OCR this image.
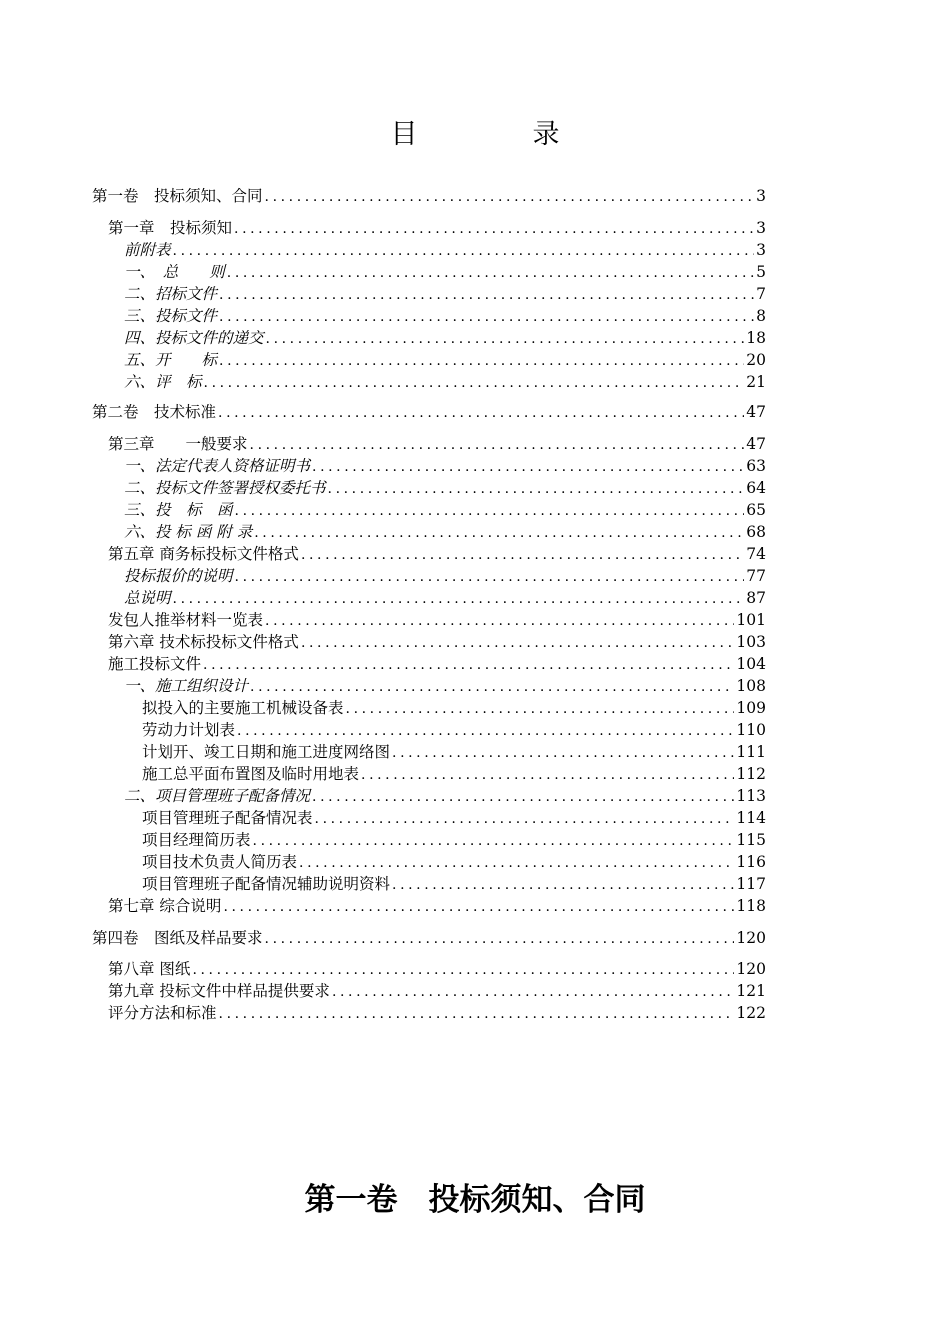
目　录
第一卷　投标须知、合同 .....	3
第一章　投标须知 .....	3
前附表 .....	3
一、　总　　则 .....	5
二、招标文件 .....	7
三、投标文件 .....	8
四、投标文件的递交 .....	18
五、开　　标 .....	20
六、评　标 .....	21
第二卷　技术标准 .....	47
第三章　　一般要求 .....	47
一、法定代表人资格证明书 .....	63
二、投标文件签署授权委托书 .....	64
三、投　标　函 .....	65
六、投 标 函 附 录 .....	68
第五章 商务标投标文件格式 .....	74
投标报价的说明 .....	77
总说明 .....	87
发包人推举材料一览表 .....	101
第六章 技术标投标文件格式 .....	103
施工投标文件 .....	104
一、施工组织设计 .....	108
拟投入的主要施工机械设备表 .....	109
劳动力计划表 .....	110
计划开、竣工日期和施工进度网络图 .....	111
施工总平面布置图及临时用地表 .....	112
二、项目管理班子配备情况 .....	113
项目管理班子配备情况表 .....	114
项目经理简历表 .....	115
项目技术负责人简历表 .....	116
项目管理班子配备情况辅助说明资料 .....	117
第七章 综合说明 .....	118
第四卷　图纸及样品要求 .....	120
第八章 图纸 .....	120
第九章 投标文件中样品提供要求 .....	121
评分方法和标准 .....	122
第一卷　投标须知、合同
